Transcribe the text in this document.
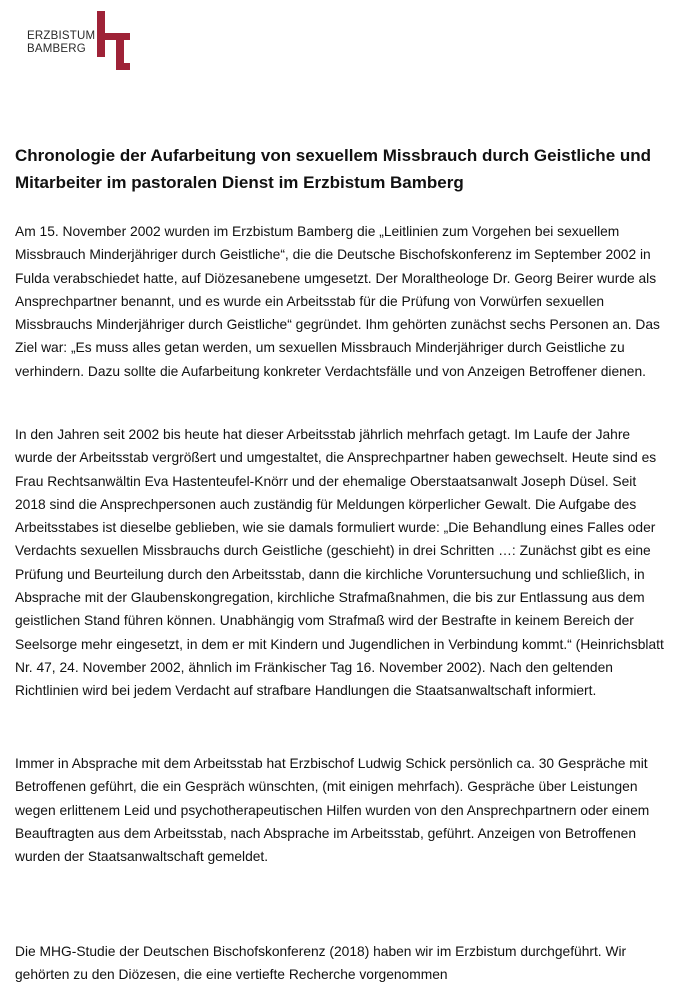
ERZBISTUM
BAMBERG
Chronologie der Aufarbeitung von sexuellem Missbrauch durch Geistliche und Mitarbeiter im pastoralen Dienst im Erzbistum Bamberg

Am 15. November 2002 wurden im Erzbistum Bamberg die „Leitlinien zum Vorgehen bei sexuellem Missbrauch Minderjähriger durch Geistliche“, die die Deutsche Bischofskonferenz im September 2002 in Fulda verabschiedet hatte, auf Diözesanebene umgesetzt. Der Moraltheologe Dr. Georg Beirer wurde als Ansprechpartner benannt, und es wurde ein Arbeitsstab für die Prüfung von Vorwürfen sexuellen Missbrauchs Minderjähriger durch Geistliche“ gegründet. Ihm gehörten zunächst sechs Personen an. Das Ziel war: „Es muss alles getan werden, um sexuellen Missbrauch Minderjähriger durch Geistliche zu verhindern. Dazu sollte die Aufarbeitung konkreter Verdachtsfälle und von Anzeigen Betroffener dienen.

In den Jahren seit 2002 bis heute hat dieser Arbeitsstab jährlich mehrfach getagt. Im Laufe der Jahre wurde der Arbeitsstab vergrößert und umgestaltet, die Ansprechpartner haben gewechselt. Heute sind es Frau Rechtsanwältin Eva Hastenteufel-Knörr und der ehemalige Oberstaatsanwalt Joseph Düsel. Seit 2018 sind die Ansprechpersonen auch zuständig für Meldungen körperlicher Gewalt. Die Aufgabe des Arbeitsstabes ist dieselbe geblieben, wie sie damals formuliert wurde: „Die Behandlung eines Falles oder Verdachts sexuellen Missbrauchs durch Geistliche (geschieht) in drei Schritten …: Zunächst gibt es eine Prüfung und Beurteilung durch den Arbeitsstab, dann die kirchliche Voruntersuchung und schließlich, in Absprache mit der Glaubenskongregation, kirchliche Strafmaßnahmen, die bis zur Entlassung aus dem geistlichen Stand führen können. Unabhängig vom Strafmaß wird der Bestrafte in keinem Bereich der Seelsorge mehr eingesetzt, in dem er mit Kindern und Jugendlichen in Verbindung kommt.“ (Heinrichsblatt Nr. 47, 24. November 2002, ähnlich im Fränkischer Tag 16. November 2002). Nach den geltenden Richtlinien wird bei jedem Verdacht auf strafbare Handlungen die Staatsanwaltschaft informiert.

Immer in Absprache mit dem Arbeitsstab hat Erzbischof Ludwig Schick persönlich ca. 30 Gespräche mit Betroffenen geführt, die ein Gespräch wünschten, (mit einigen mehrfach). Gespräche über Leistungen wegen erlittenem Leid und psychotherapeutischen Hilfen wurden von den Ansprechpartnern oder einem Beauftragten aus dem Arbeitsstab, nach Absprache im Arbeitsstab, geführt. Anzeigen von Betroffenen wurden der Staatsanwaltschaft gemeldet.

Die MHG-Studie der Deutschen Bischofskonferenz (2018) haben wir im Erzbistum durchgeführt. Wir gehörten zu den Diözesen, die eine vertiefte Recherche vorgenommen
